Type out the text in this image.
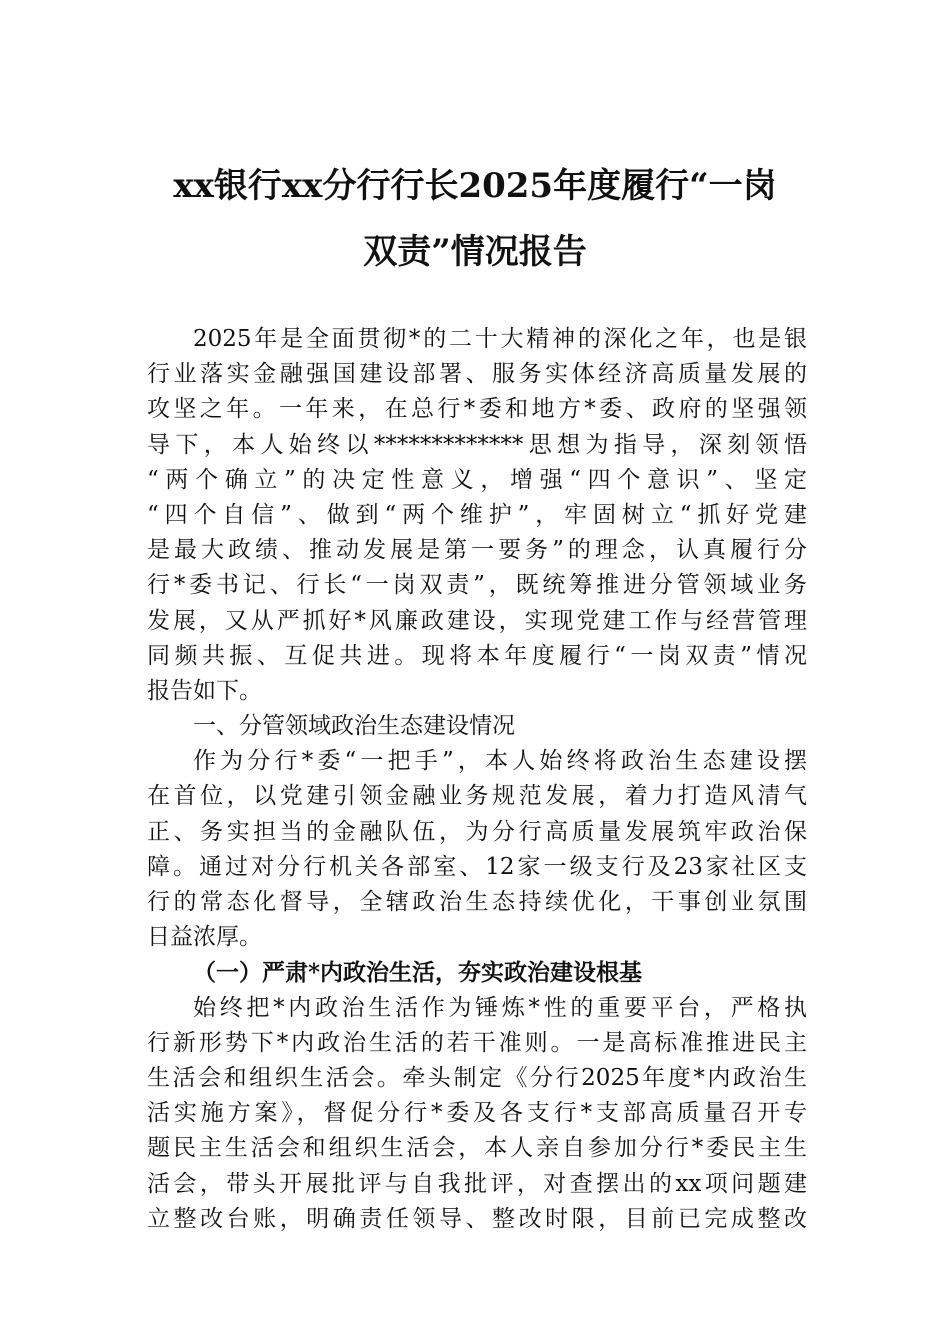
xx银行xx分行行长2025年度履行“一岗
双责”情况报告
2025年是全面贯彻*的二十大精神的深化之年，也是银
行业落实金融强国建设部署、服务实体经济高质量发展的
攻坚之年。一年来，在总行*委和地方*委、政府的坚强领
导下，本人始终以*************思想为指导，深刻领悟
“两个确立”的决定性意义，增强“四个意识”、坚定
“四个自信”、做到“两个维护”，牢固树立“抓好党建
是最大政绩、推动发展是第一要务”的理念，认真履行分
行*委书记、行长“一岗双责”，既统筹推进分管领域业务
发展，又从严抓好*风廉政建设，实现党建工作与经营管理
同频共振、互促共进。现将本年度履行“一岗双责”情况
报告如下。
一、分管领域政治生态建设情况
作为分行*委“一把手”，本人始终将政治生态建设摆
在首位，以党建引领金融业务规范发展，着力打造风清气
正、务实担当的金融队伍，为分行高质量发展筑牢政治保
障。通过对分行机关各部室、12家一级支行及23家社区支
行的常态化督导，全辖政治生态持续优化，干事创业氛围
日益浓厚。
（一）严肃*内政治生活，夯实政治建设根基
始终把*内政治生活作为锤炼*性的重要平台，严格执
行新形势下*内政治生活的若干准则。一是高标准推进民主
生活会和组织生活会。牵头制定《分行2025年度*内政治生
活实施方案》，督促分行*委及各支行*支部高质量召开专
题民主生活会和组织生活会，本人亲自参加分行*委民主生
活会，带头开展批评与自我批评，对查摆出的xx项问题建
立整改台账，明确责任领导、整改时限，目前已完成整改
